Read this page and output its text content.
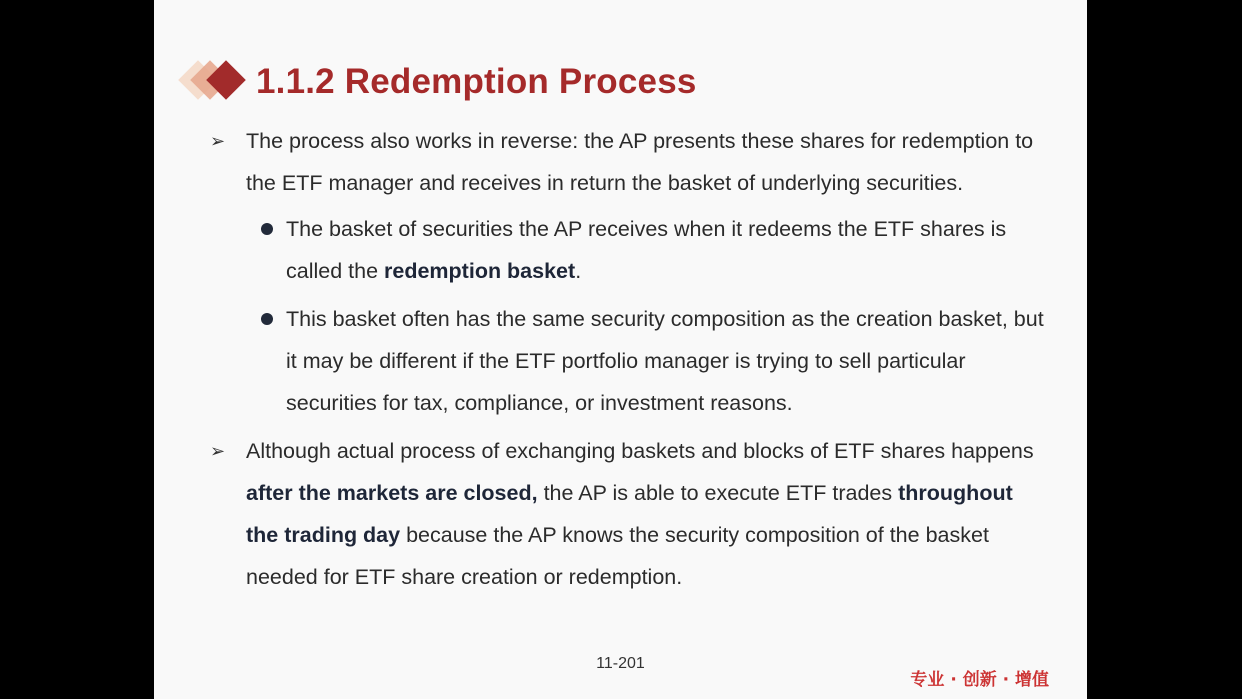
1.1.2 Redemption Process
➢ The process also works in reverse: the AP presents these shares for redemption to the ETF manager and receives in return the basket of underlying securities.
The basket of securities the AP receives when it redeems the ETF shares is called the redemption basket.
This basket often has the same security composition as the creation basket, but it may be different if the ETF portfolio manager is trying to sell particular securities for tax, compliance, or investment reasons.
➢ Although actual process of exchanging baskets and blocks of ETF shares happens after the markets are closed, the AP is able to execute ETF trades throughout the trading day because the AP knows the security composition of the basket needed for ETF share creation or redemption.
11-201
专业 · 创新 · 增值
